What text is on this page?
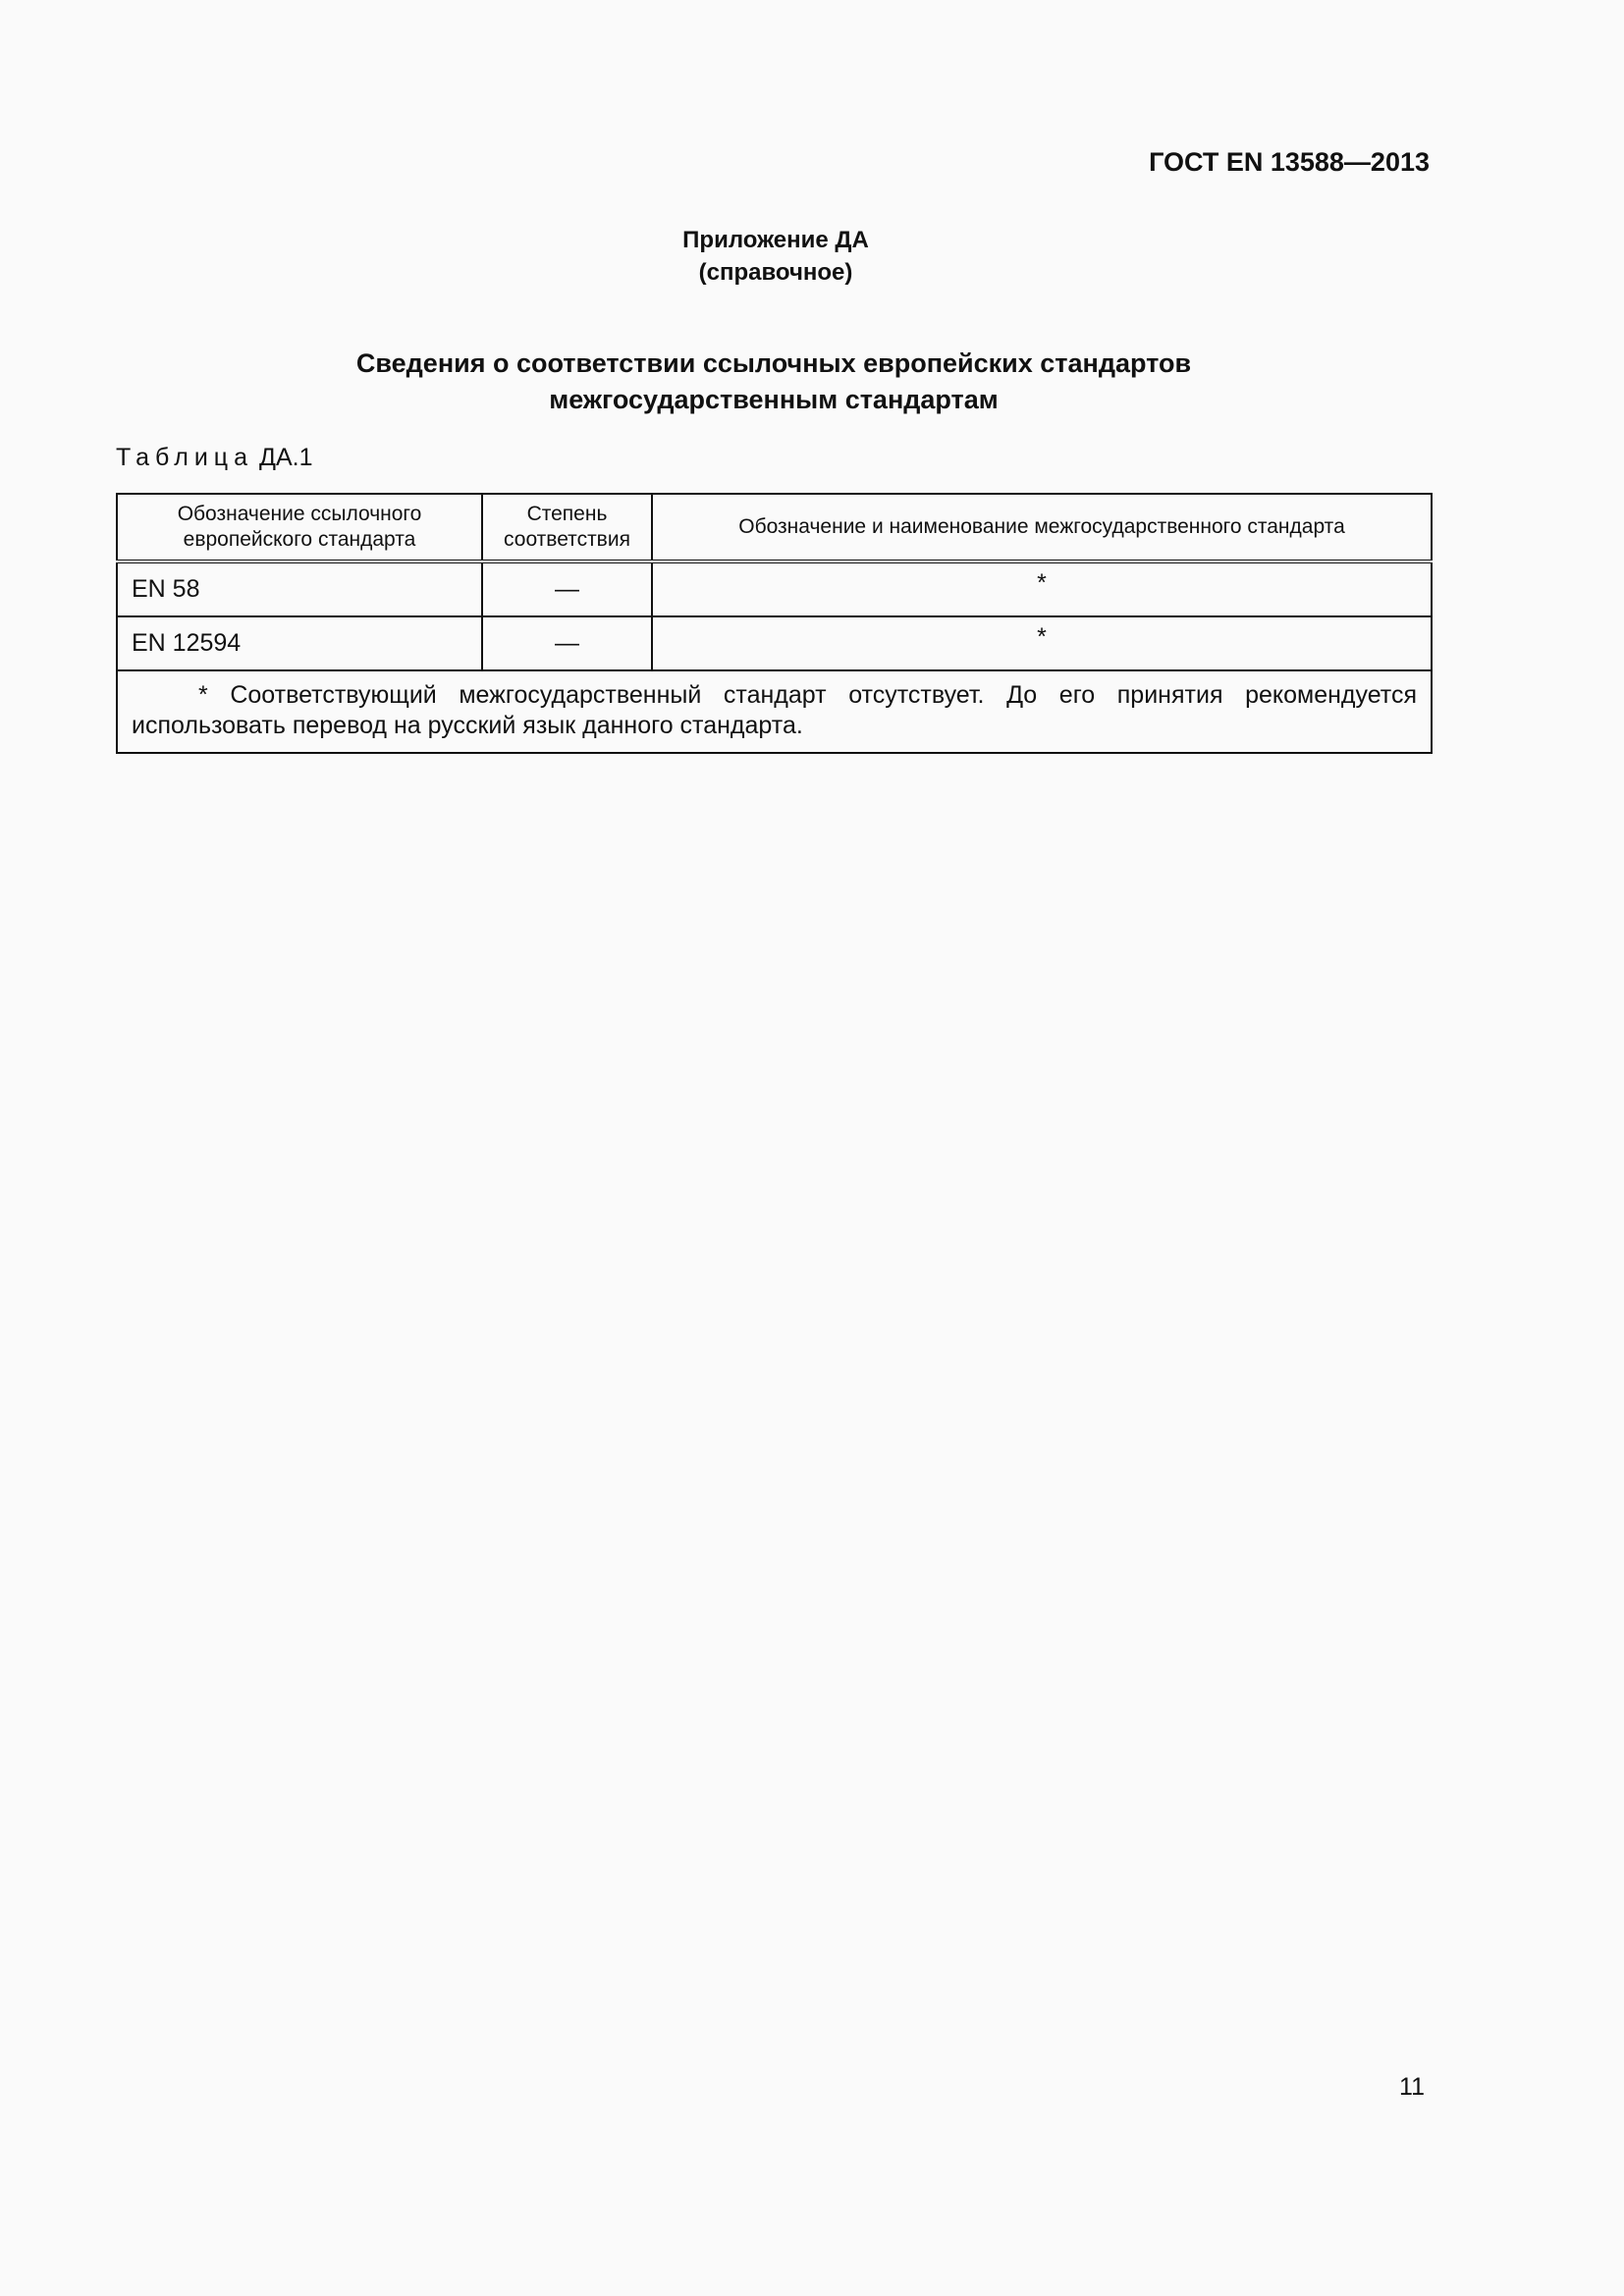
ГОСТ EN 13588—2013
Приложение ДА
(справочное)
Сведения о соответствии ссылочных европейских стандартов
межгосударственным стандартам
Таблица ДА.1
Обозначение ссылочного европейского стандарта	Степень соответствия	Обозначение и наименование межгосударственного стандарта
EN 58	—	*
EN 12594	—	*
* Соответствующий межгосударственный стандарт отсутствует. До его принятия рекомендуется использовать перевод на русский язык данного стандарта.		
11
